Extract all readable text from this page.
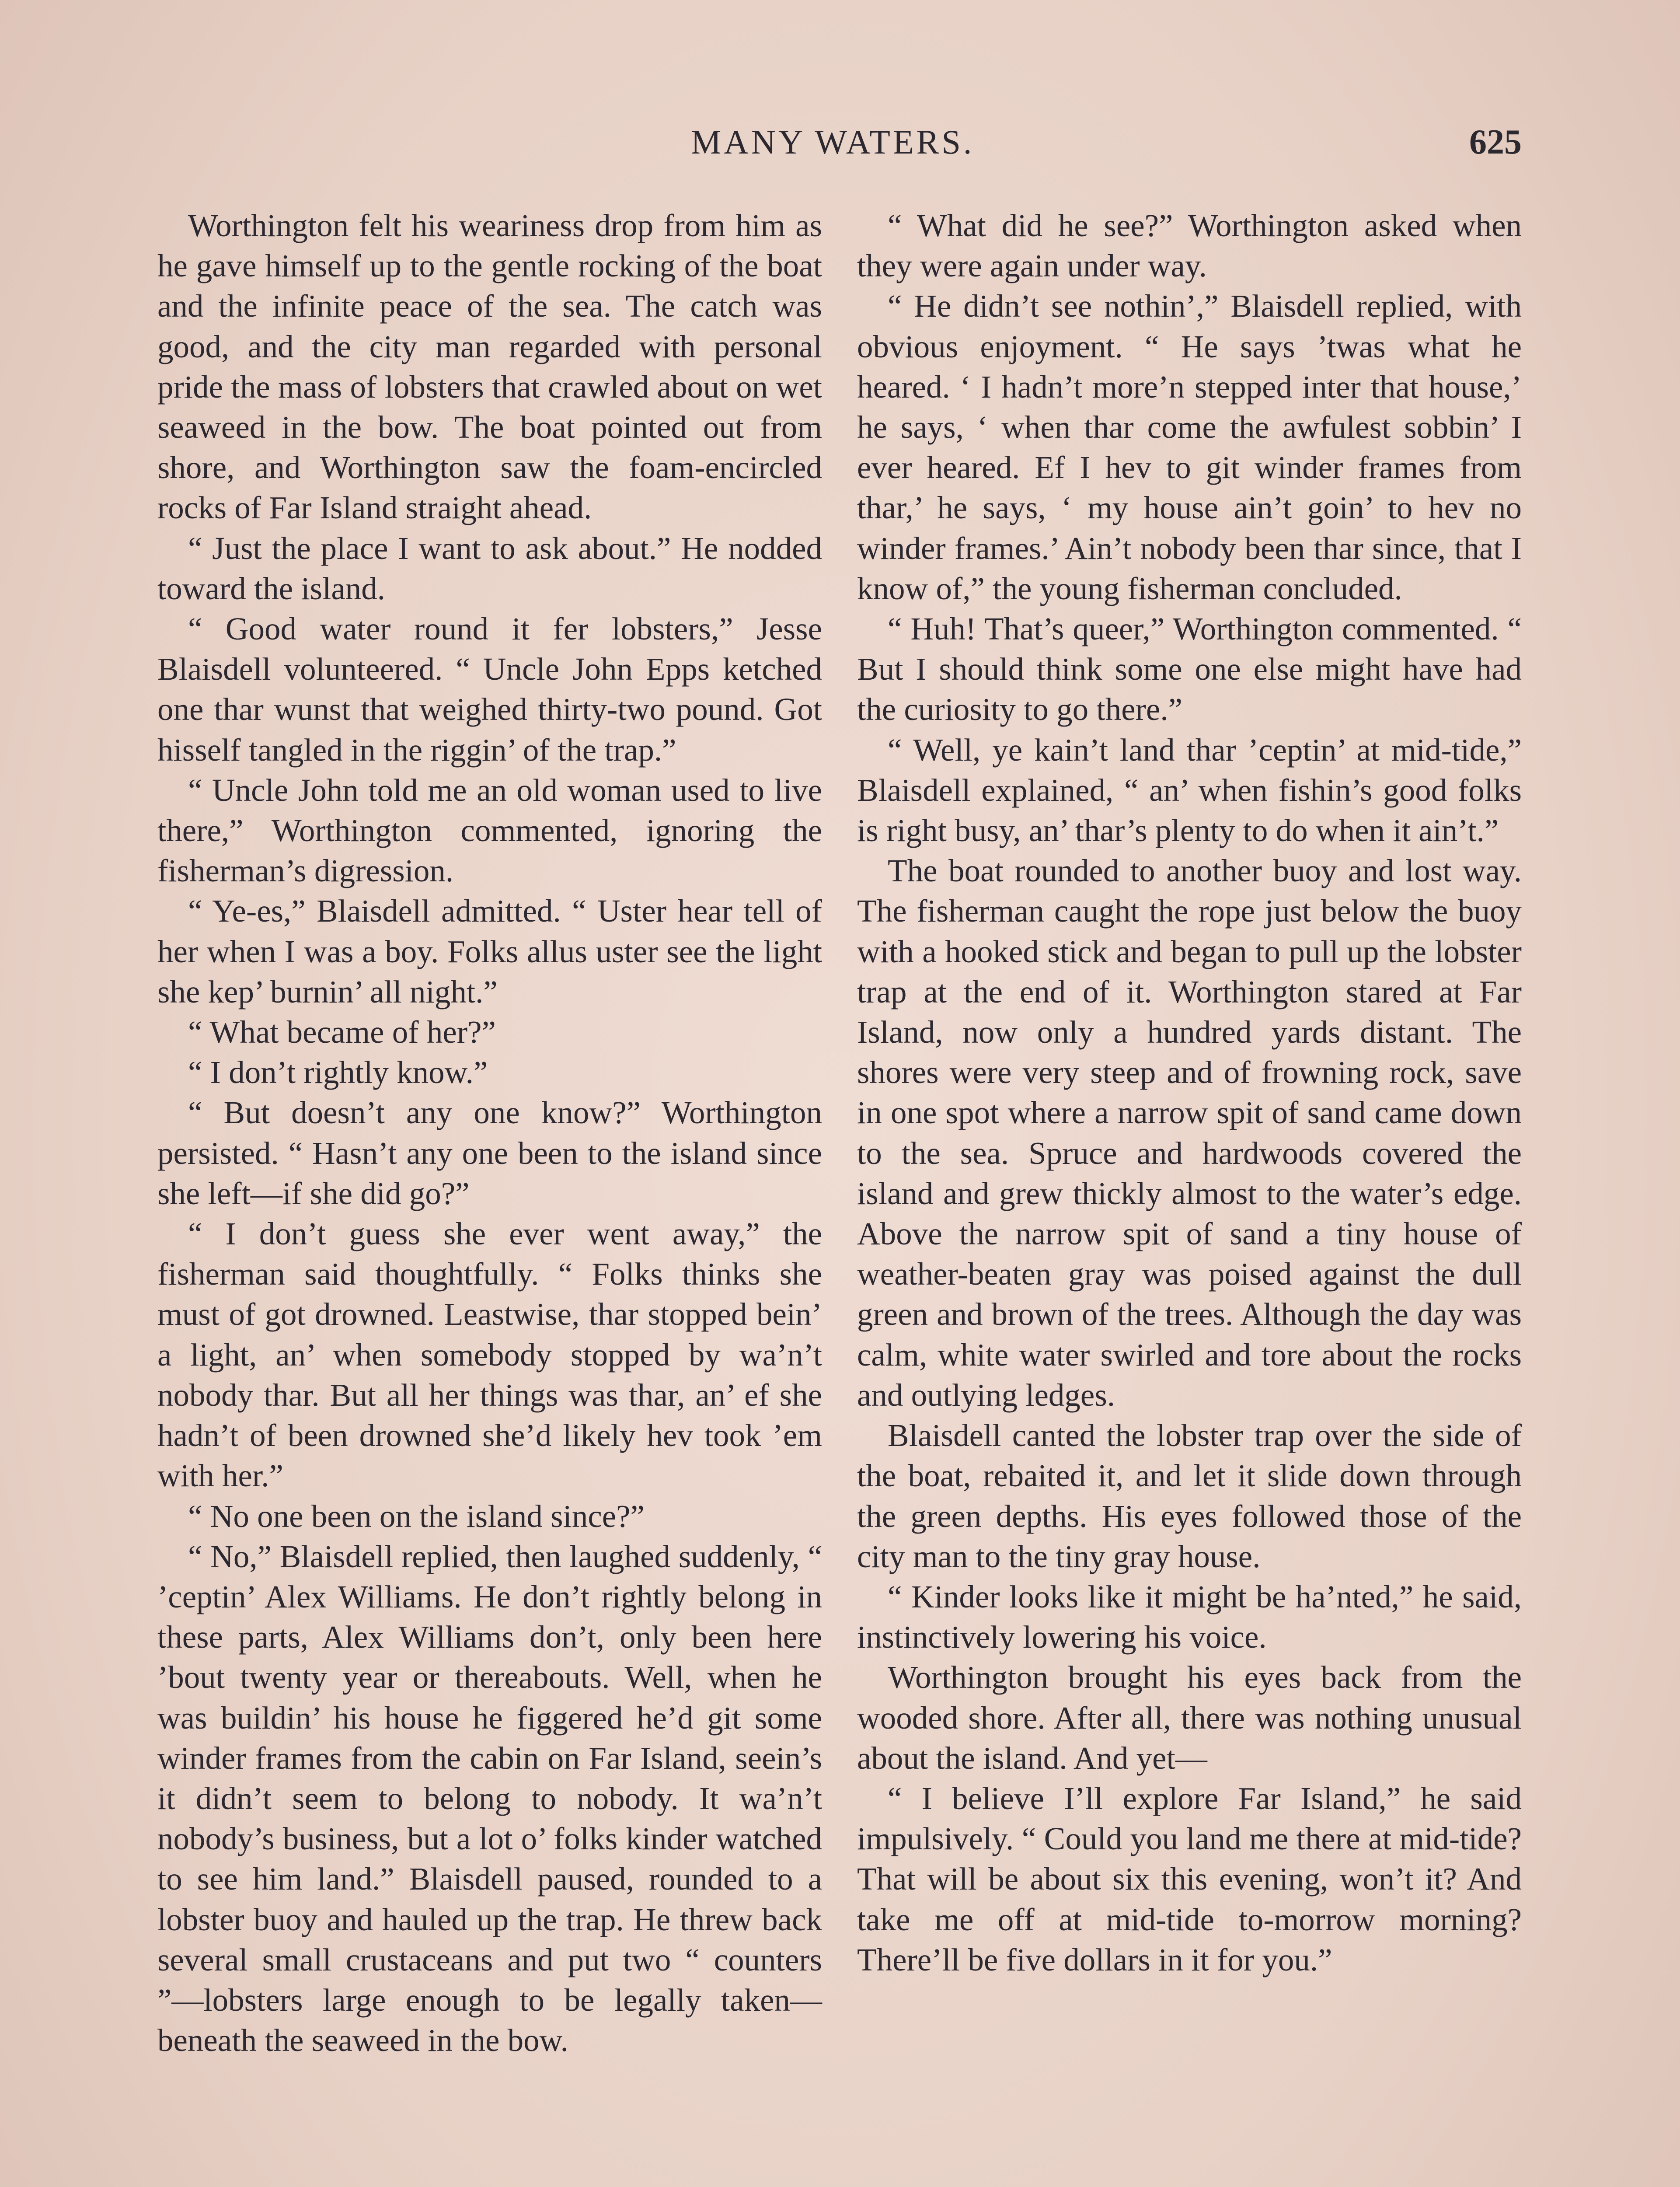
MANY WATERS.	625

Worthington felt his weariness drop from him as he gave himself up to the gentle rocking of the boat and the infinite peace of the sea. The catch was good, and the city man regarded with personal pride the mass of lobsters that crawled about on wet seaweed in the bow. The boat pointed out from shore, and Worthington saw the foam-encircled rocks of Far Island straight ahead.

“ Just the place I want to ask about.” He nodded toward the island.

“ Good water round it fer lobsters,” Jesse Blaisdell volunteered. “ Uncle John Epps ketched one thar wunst that weighed thirty-two pound. Got hisself tangled in the riggin’ of the trap.”

“ Uncle John told me an old woman used to live there,” Worthington commented, ignoring the fisherman’s digression.

“ Ye-es,” Blaisdell admitted. “ Uster hear tell of her when I was a boy. Folks allus uster see the light she kep’ burnin’ all night.”

“ What became of her?”

“ I don’t rightly know.”

“ But doesn’t any one know?” Worthington persisted. “ Hasn’t any one been to the island since she left—if she did go?”

“ I don’t guess she ever went away,” the fisherman said thoughtfully. “ Folks thinks she must of got drowned. Leastwise, thar stopped bein’ a light, an’ when somebody stopped by wa’n’t nobody thar. But all her things was thar, an’ ef she hadn’t of been drowned she’d likely hev took ’em with her.”

“ No one been on the island since?”

“ No,” Blaisdell replied, then laughed suddenly, “ ’ceptin’ Alex Williams. He don’t rightly belong in these parts, Alex Williams don’t, only been here ’bout twenty year or thereabouts. Well, when he was buildin’ his house he figgered he’d git some winder frames from the cabin on Far Island, seein’s it didn’t seem to belong to nobody. It wa’n’t nobody’s business, but a lot o’ folks kinder watched to see him land.” Blaisdell paused, rounded to a lobster buoy and hauled up the trap. He threw back several small crustaceans and put two “ counters ”—lobsters large enough to be legally taken—beneath the seaweed in the bow.

“ What did he see?” Worthington asked when they were again under way.

“ He didn’t see nothin’,” Blaisdell replied, with obvious enjoyment. “ He says ’twas what he heared. ‘ I hadn’t more’n stepped inter that house,’ he says, ‘ when thar come the awfulest sobbin’ I ever heared. Ef I hev to git winder frames from thar,’ he says, ‘ my house ain’t goin’ to hev no winder frames.’ Ain’t nobody been thar since, that I know of,” the young fisherman concluded.

“ Huh! That’s queer,” Worthington commented. “ But I should think some one else might have had the curiosity to go there.”

“ Well, ye kain’t land thar ’ceptin’ at mid-tide,” Blaisdell explained, “ an’ when fishin’s good folks is right busy, an’ thar’s plenty to do when it ain’t.”

The boat rounded to another buoy and lost way. The fisherman caught the rope just below the buoy with a hooked stick and began to pull up the lobster trap at the end of it. Worthington stared at Far Island, now only a hundred yards distant. The shores were very steep and of frowning rock, save in one spot where a narrow spit of sand came down to the sea. Spruce and hardwoods covered the island and grew thickly almost to the water’s edge. Above the narrow spit of sand a tiny house of weather-beaten gray was poised against the dull green and brown of the trees. Although the day was calm, white water swirled and tore about the rocks and outlying ledges.

Blaisdell canted the lobster trap over the side of the boat, rebaited it, and let it slide down through the green depths. His eyes followed those of the city man to the tiny gray house.

“ Kinder looks like it might be ha’nted,” he said, instinctively lowering his voice.

Worthington brought his eyes back from the wooded shore. After all, there was nothing unusual about the island. And yet—

“ I believe I’ll explore Far Island,” he said impulsively. “ Could you land me there at mid-tide? That will be about six this evening, won’t it? And take me off at mid-tide to-morrow morning? There’ll be five dollars in it for you.”
